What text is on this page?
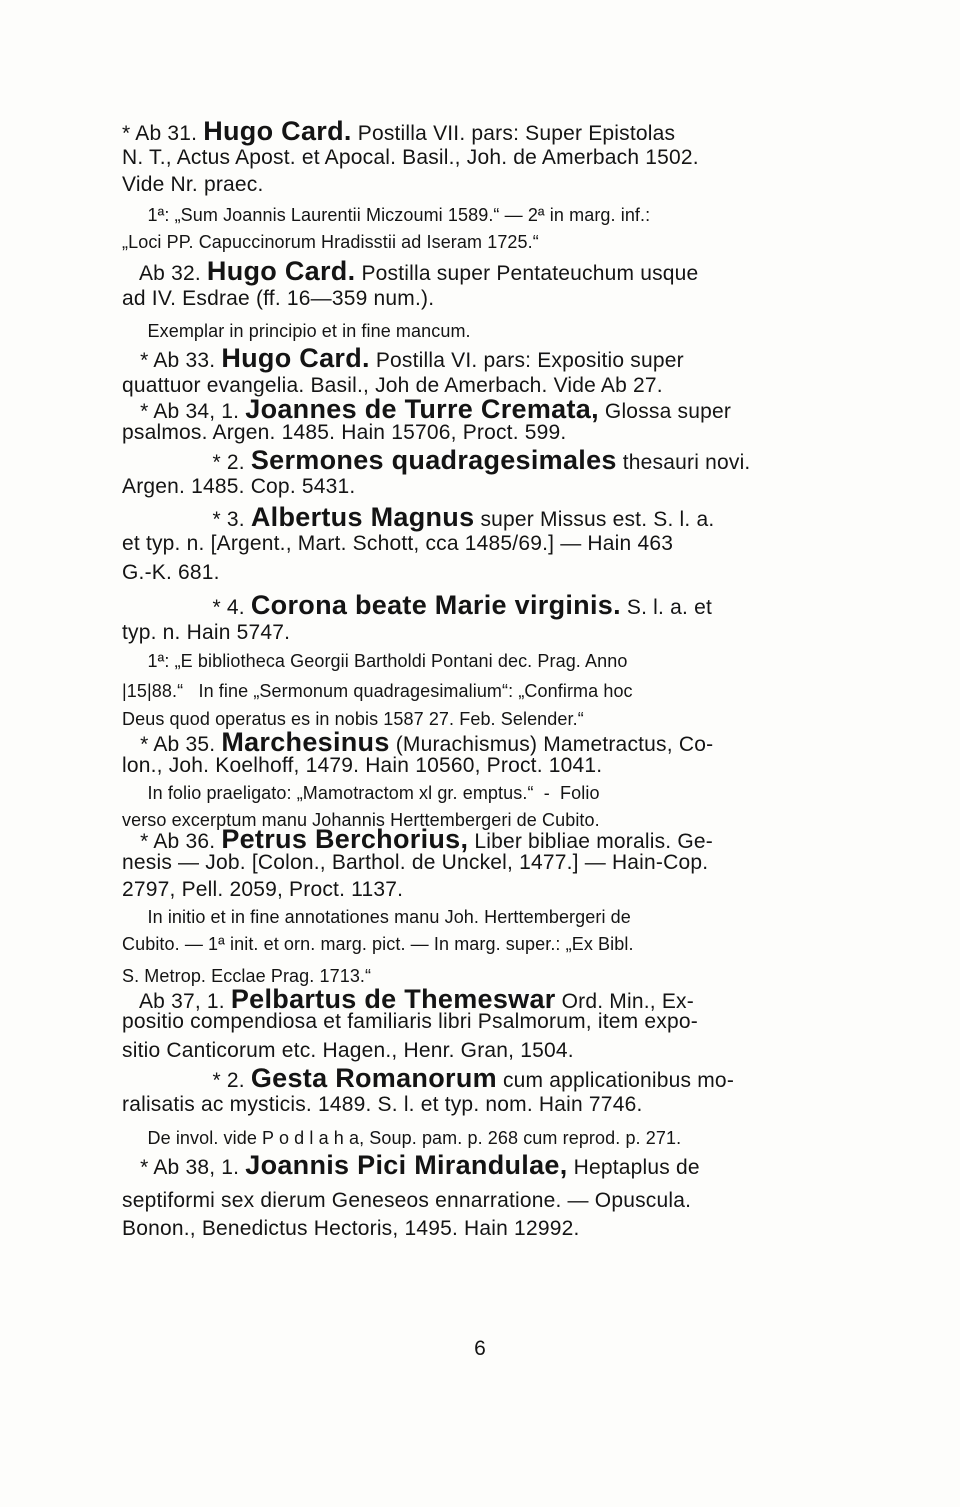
6
* Ab 31. Hugo Card. Postilla VII. pars: Super Epistolas
N. T., Actus Apost. et Apocal. Basil., Joh. de Amerbach 1502.
Vide Nr. praec.
1ª: „Sum Joannis Laurentii Miczoumi 1589.“ — 2ª in marg. inf.:
„Loci PP. Capuccinorum Hradisstii ad Iseram 1725.“
Ab 32. Hugo Card. Postilla super Pentateuchum usque
ad IV. Esdrae (ff. 16—359 num.).
Exemplar in principio et in fine mancum.
* Ab 33. Hugo Card. Postilla VI. pars: Expositio super
quattuor evangelia. Basil., Joh de Amerbach. Vide Ab 27.
* Ab 34, 1. Joannes de Turre Cremata, Glossa super
psalmos. Argen. 1485. Hain 15706, Proct. 599.
* 2. Sermones quadragesimales thesauri novi.
Argen. 1485. Cop. 5431.
* 3. Albertus Magnus super Missus est. S. l. a.
et typ. n. [Argent., Mart. Schott, cca 1485/69.] — Hain 463
G.-K. 681.
* 4. Corona beate Marie virginis. S. l. a. et
typ. n. Hain 5747.
1ª: „E bibliotheca Georgii Bartholdi Pontani dec. Prag. Anno
|15|88.“   In fine „Sermonum quadragesimalium“: „Confirma hoc
Deus quod operatus es in nobis 1587 27. Feb. Selender.“
* Ab 35. Marchesinus (Murachismus) Mametractus, Co-
lon., Joh. Koelhoff, 1479. Hain 10560, Proct. 1041.
In folio praeligato: „Mamotractom xl gr. emptus.“  -  Folio
verso excerptum manu Johannis Herttembergeri de Cubito.
* Ab 36. Petrus Berchorius, Liber bibliae moralis. Ge-
nesis — Job. [Colon., Barthol. de Unckel, 1477.] — Hain-Cop.
2797, Pell. 2059, Proct. 1137.
In initio et in fine annotationes manu Joh. Herttembergeri de
Cubito. — 1ª init. et orn. marg. pict. — In marg. super.: „Ex Bibl.
S. Metrop. Ecclae Prag. 1713.“
Ab 37, 1. Pelbartus de Themeswar Ord. Min., Ex-
positio compendiosa et familiaris libri Psalmorum, item expo-
sitio Canticorum etc. Hagen., Henr. Gran, 1504.
* 2. Gesta Romanorum cum applicationibus mo-
ralisatis ac mysticis. 1489. S. l. et typ. nom. Hain 7746.
De invol. vide P o d l a h a, Soup. pam. p. 268 cum reprod. p. 271.
* Ab 38, 1. Joannis Pici Mirandulae, Heptaplus de
septiformi sex dierum Geneseos ennarratione. — Opuscula.
Bonon., Benedictus Hectoris, 1495. Hain 12992.
